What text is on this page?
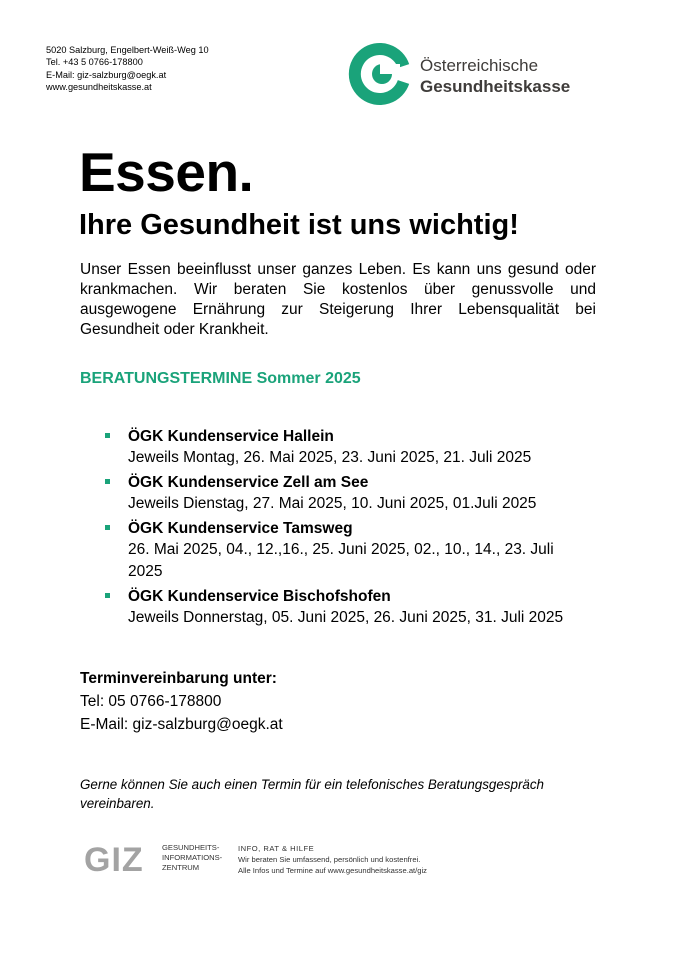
5020 Salzburg, Engelbert-Weiß-Weg 10
Tel. +43 5 0766-178800
E-Mail: giz-salzburg@oegk.at
www.gesundheitskasse.at
Österreichische
Gesundheitskasse
Essen.
Ihre Gesundheit ist uns wichtig!
Unser Essen beeinflusst unser ganzes Leben. Es kann uns gesund oder krankmachen. Wir beraten Sie kostenlos über genussvolle und ausgewogene Ernährung zur Steigerung Ihrer Lebensqualität bei Gesundheit oder Krankheit.
BERATUNGSTERMINE Sommer 2025
ÖGK Kundenservice Hallein
Jeweils Montag, 26. Mai 2025, 23. Juni 2025, 21. Juli 2025
ÖGK Kundenservice Zell am See
Jeweils Dienstag, 27. Mai 2025, 10. Juni 2025, 01.Juli 2025
ÖGK Kundenservice Tamsweg
26. Mai 2025, 04., 12.,16., 25. Juni 2025, 02., 10., 14., 23. Juli 2025
ÖGK Kundenservice Bischofshofen
Jeweils Donnerstag, 05. Juni 2025, 26. Juni 2025, 31. Juli 2025
Terminvereinbarung unter:
Tel: 05 0766-178800
E-Mail: giz-salzburg@oegk.at
Gerne können Sie auch einen Termin für ein telefonisches Beratungsgespräch vereinbaren.
GIZ GESUNDHEITS-
INFORMATIONS-
ZENTRUM
INFO, RAT & HILFE
Wir beraten Sie umfassend, persönlich und kostenfrei.
Alle Infos und Termine auf www.gesundheitskasse.at/giz
